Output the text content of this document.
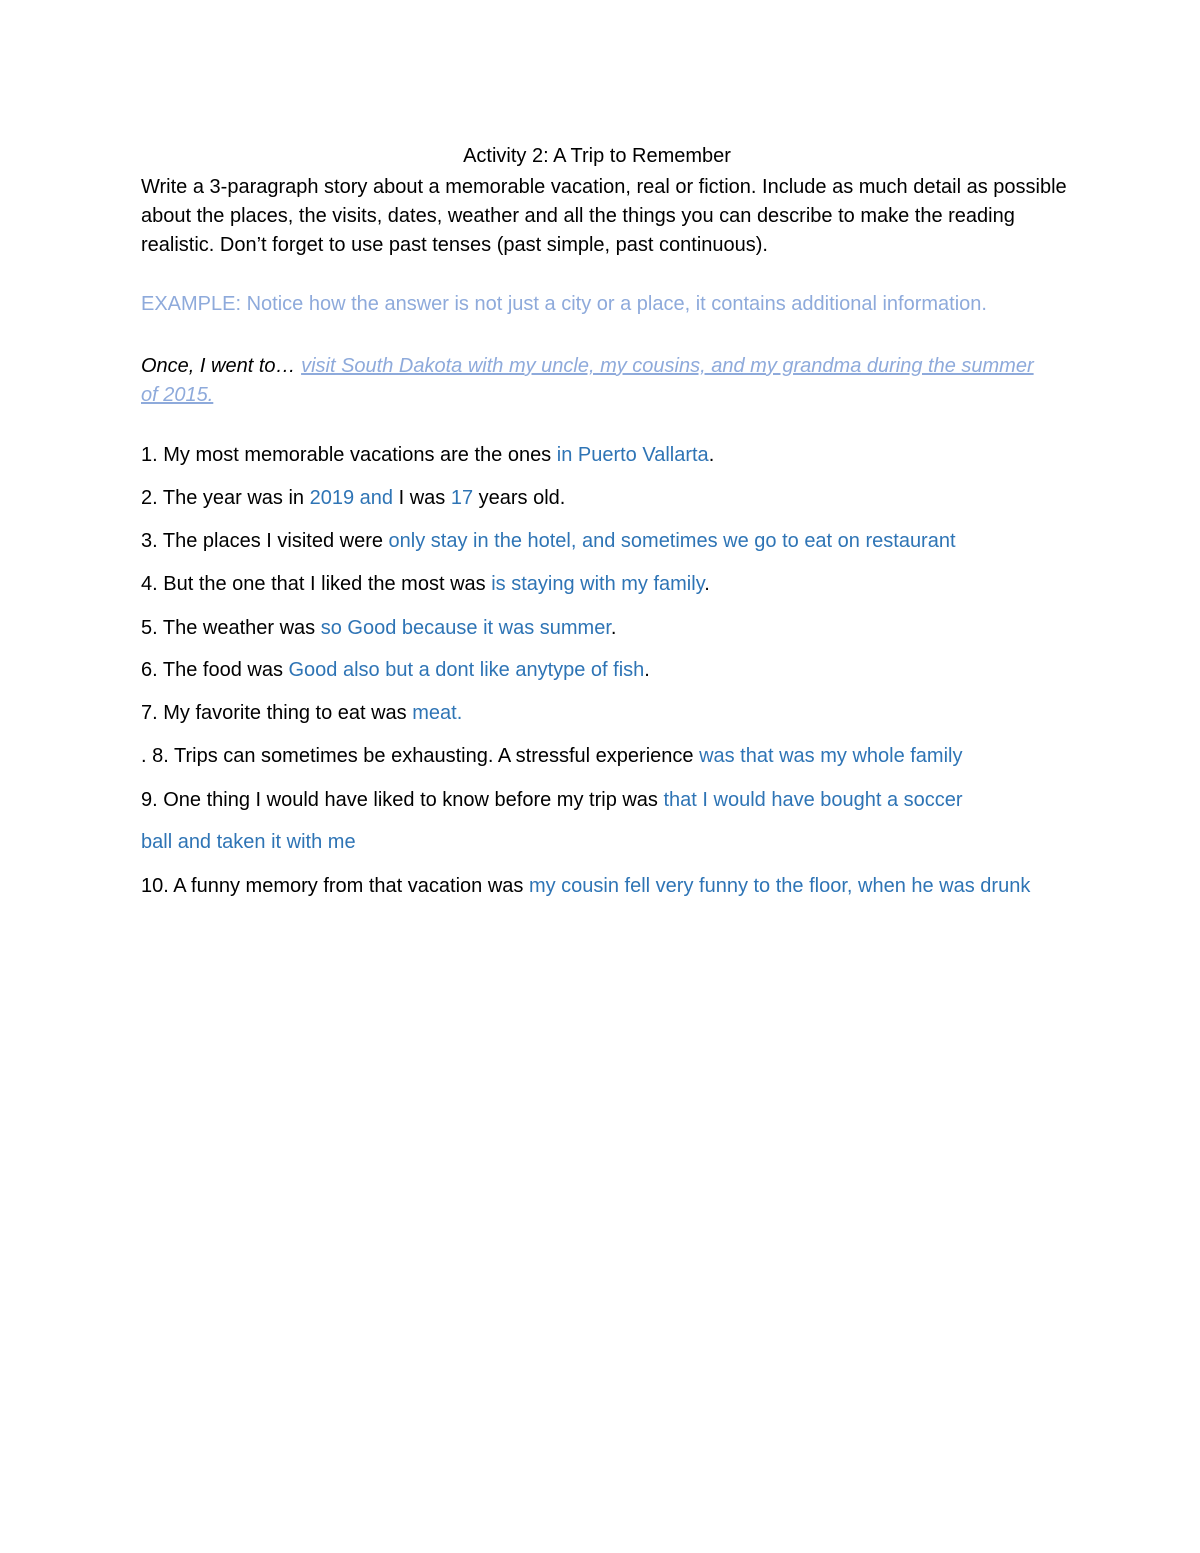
Activity 2: A Trip to Remember
Write a 3-paragraph story about a memorable vacation, real or fiction. Include as much detail as possible about the places, the visits, dates, weather and all the things you can describe to make the reading realistic. Don’t forget to use past tenses (past simple, past continuous).
EXAMPLE: Notice how the answer is not just a city or a place, it contains additional information.
Once, I went to… visit South Dakota with my uncle, my cousins, and my grandma during the summer of 2015.
1. My most memorable vacations are the ones in Puerto Vallarta.
2. The year was in 2019 and I was 17 years old.
3. The places I visited were only stay in the hotel, and sometimes we go to eat on restaurant
4. But the one that I liked the most was is staying with my family.
5. The weather was so Good because it was summer.
6. The food was Good also but a dont like anytype of fish.
7. My favorite thing to eat was meat.
. 8. Trips can sometimes be exhausting. A stressful experience was that was my whole family
9. One thing I would have liked to know before my trip was that I would have bought a soccer
ball and taken it with me
10. A funny memory from that vacation was my cousin fell very funny to the floor, when he was drunk
